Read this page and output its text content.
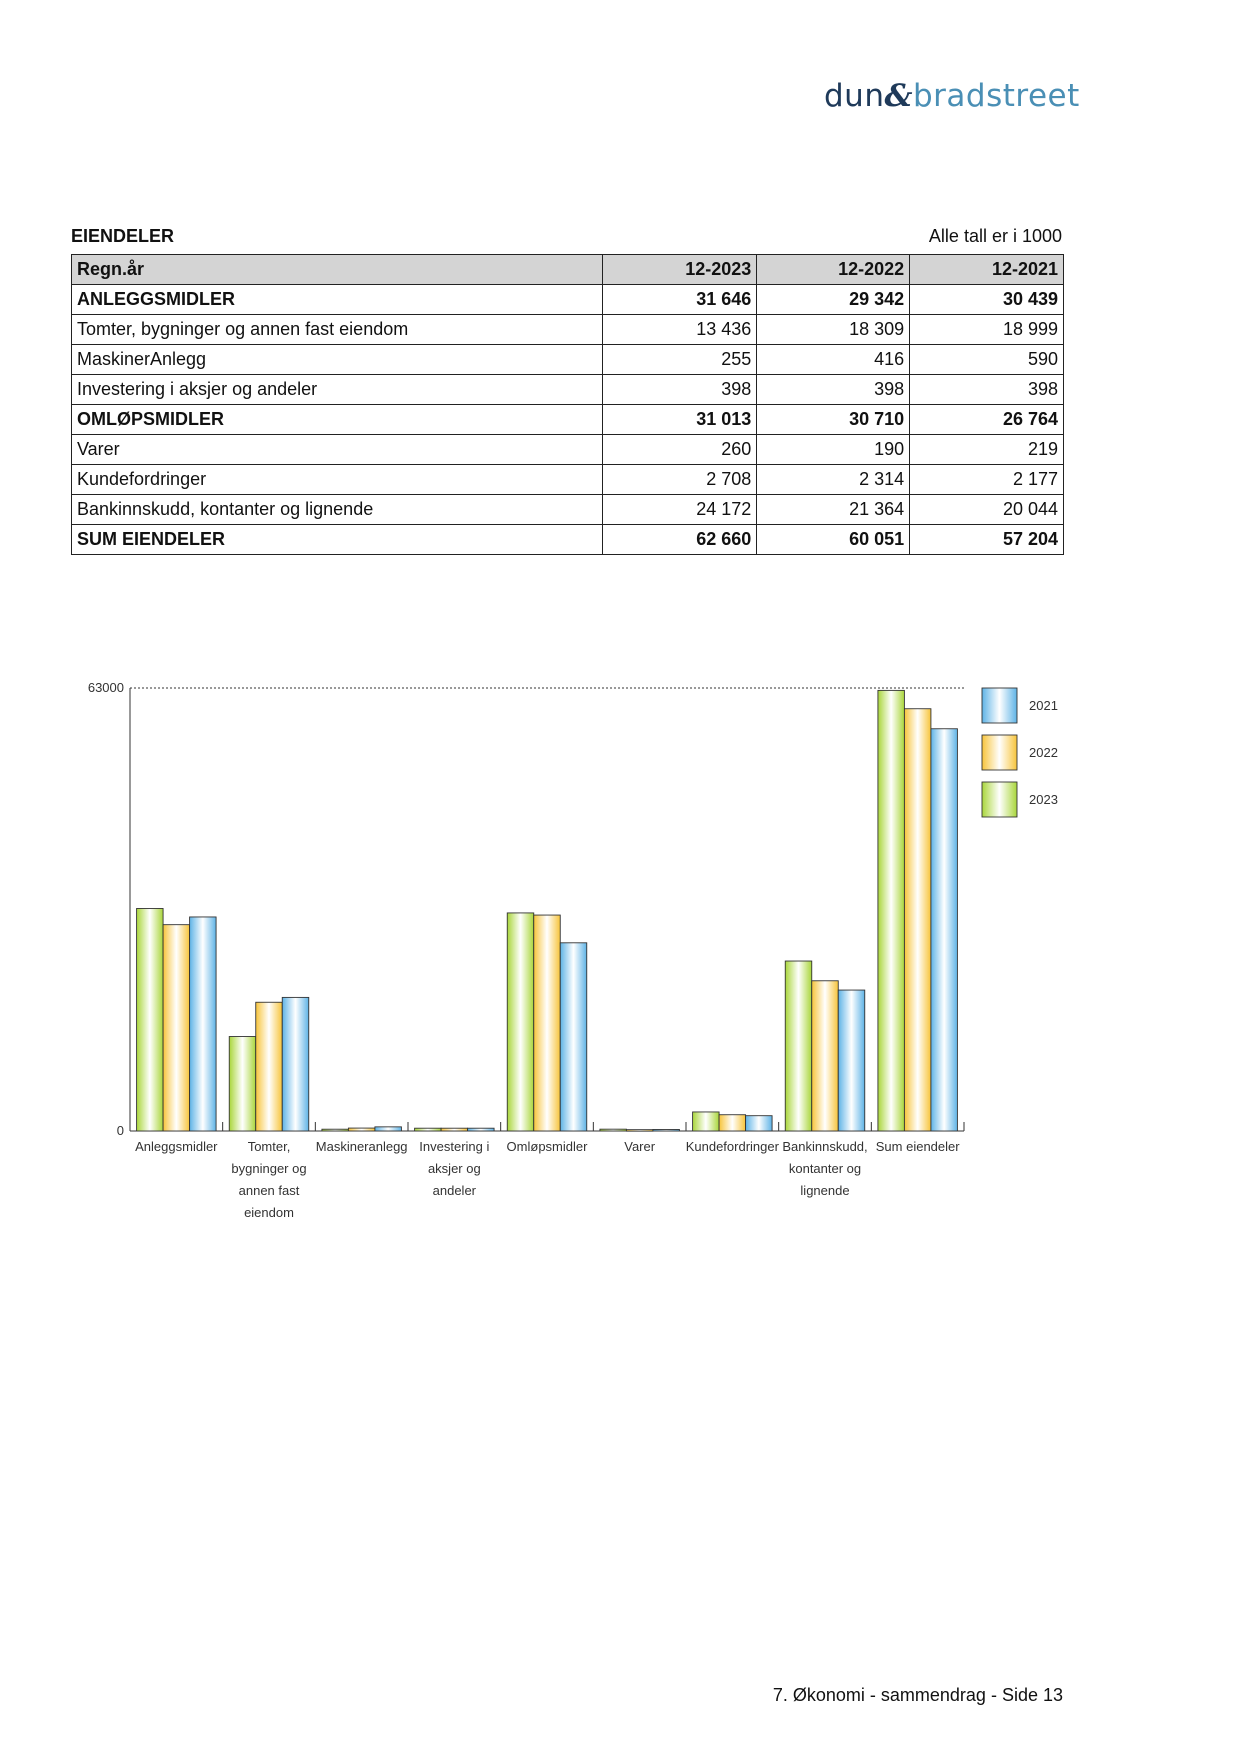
dun&bradstreet
EIENDELER	Alle tall er i 1000
Regn.år	12-2023	12-2022	12-2021
ANLEGGSMIDLER	31 646	29 342	30 439
Tomter, bygninger og annen fast eiendom	13 436	18 309	18 999
MaskinerAnlegg	255	416	590
Investering i aksjer og andeler	398	398	398
OMLØPSMIDLER	31 013	30 710	26 764
Varer	260	190	219
Kundefordringer	2 708	2 314	2 177
Bankinnskudd, kontanter og lignende	24 172	21 364	20 044
SUM EIENDELER	62 660	60 051	57 204
63000
0
Anleggsmidler Tomter,
bygninger og
annen fast
eiendom
Maskineranlegg Investering i
aksjer og
andeler
Omløpsmidler	Varer Kundefordringer Bankinnskudd,
kontanter og
lignende
Sum eiendeler
2021
2022
2023
7. Økonomi - sammendrag - Side 13
